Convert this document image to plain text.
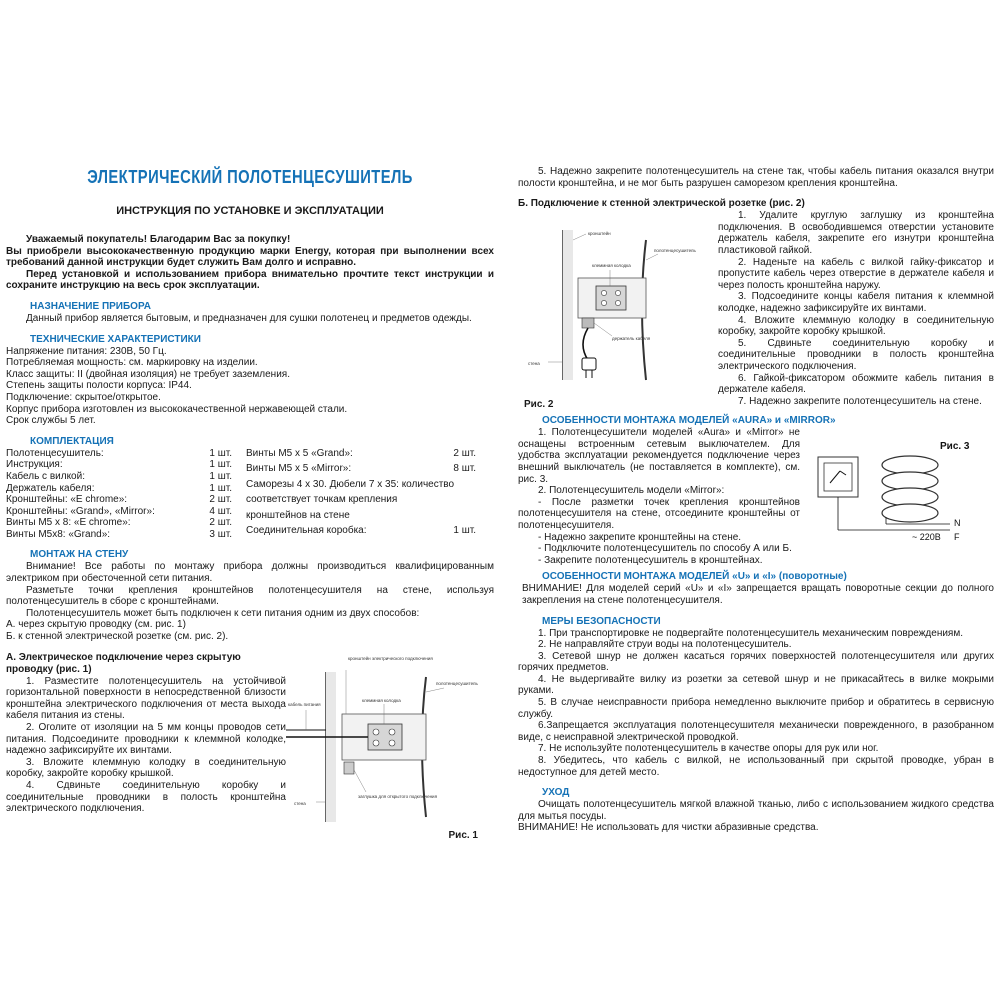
ЭЛЕКТРИЧЕСКИЙ ПОЛОТЕНЦЕСУШИТЕЛЬ
ИНСТРУКЦИЯ ПО УСТАНОВКЕ И ЭКСПЛУАТАЦИИ

Уважаемый покупатель! Благодарим Вас за покупку!

Вы приобрели высококачественную продукцию марки Energy, которая при выполнении всех требований данной инструкции будет служить Вам долго и исправно.

Перед установкой и использованием прибора внимательно прочтите текст инструкции и сохраните инструкцию на весь срок эксплуатации.

НАЗНАЧЕНИЕ ПРИБОРА

Данный прибор является бытовым, и предназначен для сушки полотенец и предметов одежды.

ТЕХНИЧЕСКИЕ ХАРАКТЕРИСТИКИ

Напряжение питания: 230В, 50 Гц.

Потребляемая мощность: см. маркировку на изделии.

Класс защиты: II (двойная изоляция) не требует заземления.

Степень защиты полости корпуса: IP44.

Подключение: скрытое/открытое.

Корпус прибора изготовлен из высококачественной нержавеющей стали.

Срок службы 5 лет.

КОМПЛЕКТАЦИЯ
Полотенцесушитель:	1 шт.
Инструкция:	1 шт.
Кабель с вилкой:	1 шт.
Держатель кабеля:	1 шт.
Кронштейны: «E chrome»:	2 шт.
Кронштейны: «Grand», «Mirror»:	4 шт.
Винты М5 х 8: «E chrome»:	2 шт.
Винты М5х8: «Grand»:	3 шт.
Винты М5 х 5 «Grand»:	2 шт.
Винты М5 х 5 «Mirror»:	8 шт.
Саморезы 4 х 30. Дюбели 7 х 35: количество	
соответствует точкам крепления	
кронштейнов на стене	
Соединительная коробка:	1 шт.
МОНТАЖ НА СТЕНУ

Внимание! Все работы по монтажу прибора должны производиться квалифицированным электриком при обесточенной сети питания.

Разметьте точки крепления кронштейнов полотенцесушителя на стене, используя полотенцесушитель в сборе с кронштейнами.

Полотенцесушитель может быть подключен к сети питания одним из двух способов:

А. через скрытую проводку (см. рис. 1)

Б. к стенной электрической розетке (см. рис. 2).

А. Электрическое подключение через скрытую проводку (рис. 1)

1. Разместите полотенцесушитель на устойчивой горизонтальной поверхности в непосредственной близости кронштейна электрического подключения от места выхода кабеля питания из стены.

2. Оголите от изоляции на 5 мм концы проводов сети питания. Подсоедините проводники к клеммной колодке, надежно зафиксируйте их винтами.

3. Вложите клеммную колодку в соединительную коробку, закройте коробку крышкой.

4. Сдвиньте соединительную коробку и соединительные проводники в полость кронштейна электрического подключения.

кронштейн электрического подключения
кабель питания
клеммная колодка
полотенцесушитель
стена
заглушка для открытого подключения
Рис. 1

5. Надежно закрепите полотенцесушитель на стене так, чтобы кабель питания оказался внутри полости кронштейна, и не мог быть разрушен саморезом крепления кронштейна.

Б. Подключение к стенной электрической розетке (рис. 2)

кронштейн
полотенцесушитель
клеммная колодка
держатель кабеля
стена
Рис. 2

1. Удалите круглую заглушку из кронштейна подключения. В освободившемся отверстии установите держатель кабеля, закрепите его изнутри кронштейна пластиковой гайкой.

2. Наденьте на кабель с вилкой гайку-фиксатор и пропустите кабель через отверстие в держателе кабеля и через полость кронштейна наружу.

3. Подсоедините концы кабеля питания к клеммной колодке, надежно зафиксируйте их винтами.

4. Вложите клеммную колодку в соединительную коробку, закройте коробку крышкой.

5. Сдвиньте соединительную коробку и соединительные проводники в полость кронштейна электрического подключения.

6. Гайкой-фиксатором обожмите кабель питания в держателе кабеля.

7. Надежно закрепите полотенцесушитель на стене.

ОСОБЕННОСТИ МОНТАЖА МОДЕЛЕЙ «AURA» и «MIRROR»

1. Полотенцесушители моделей «Aura» и «Mirror» не оснащены встроенным сетевым выключателем. Для удобства эксплуатации рекомендуется подключение через внешний выключатель (не поставляется в комплекте), см. рис. 3.

2. Полотенцесушитель модели «Mirror»:

- После разметки точек крепления кронштейнов полотенцесушителя на стене, отсоедините кронштейны от полотенцесушителя.

- Надежно закрепите кронштейны на стене.

- Подключите полотенцесушитель по способу А или Б.

- Закрепите полотенцесушитель в кронштейнах.

N
F
~ 220В
Рис. 3
ОСОБЕННОСТИ МОНТАЖА МОДЕЛЕЙ «U» и «I» (поворотные)

ВНИМАНИЕ! Для моделей серий «U» и «I» запрещается вращать поворотные секции до полного закрепления на стене полотенцесушителя.

МЕРЫ БЕЗОПАСНОСТИ

1. При транспортировке не подвергайте полотенцесушитель механическим повреждениям.

2. Не направляйте струи воды на полотенцесушитель.

3. Сетевой шнур не должен касаться горячих поверхностей полотенцесушителя или других горячих предметов.

4. Не выдергивайте вилку из розетки за сетевой шнур и не прикасайтесь в вилке мокрыми руками.

5. В случае неисправности прибора немедленно выключите прибор и обратитесь в сервисную службу.

6.Запрещается эксплуатация полотенцесушителя механически поврежденного, в разобранном виде, с неисправной электрической проводкой.

7. Не используйте полотенцесушитель в качестве опоры для рук или ног.

8. Убедитесь, что кабель с вилкой, не использованный при скрытой проводке, убран в недоступное для детей место.

УХОД

Очищать полотенцесушитель мягкой влажной тканью, либо с использованием жидкого средства для мытья посуды.

ВНИМАНИЕ! Не использовать для чистки абразивные средства.
